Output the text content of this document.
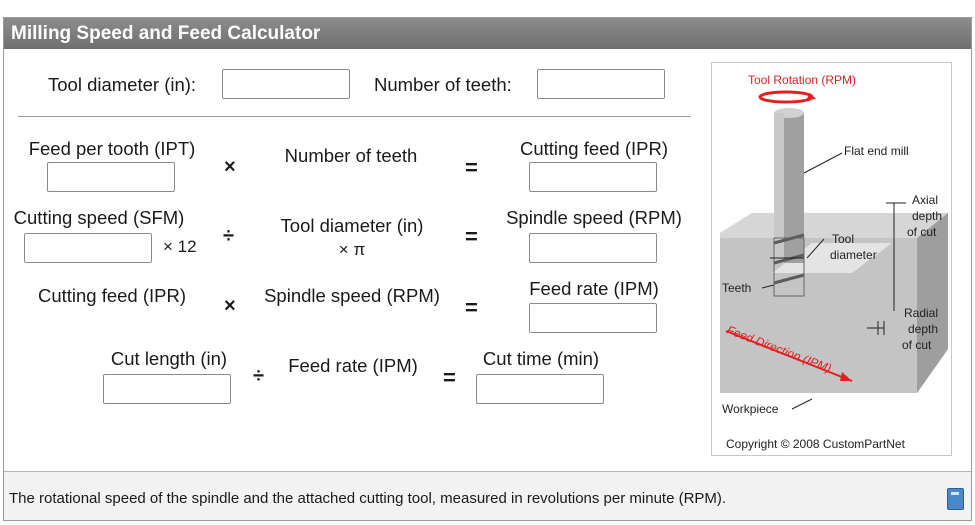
Milling Speed and Feed Calculator
Tool diameter (in):	Number of teeth:
Feed per tooth (IPT)
×
Number of teeth =
Cutting feed (IPR)
Cutting speed (SFM)
× 12 ÷	Tool diameter (in)
× π
=
Spindle speed (RPM)
Cutting feed (IPR) × Spindle speed (RPM) =
Feed rate (IPM)
Cut length (in)
÷ Feed rate (IPM) =
Cut time (min)
Tool Rotation (RPM)
Flat end mill
Axial
depth
of cut
Tool
diameter
Teeth
Radial
depth
of cut
Feed Direction (IPM)
Workpiece
Copyright © 2008 CustomPartNet
The rotational speed of the spindle and the attached cutting tool, measured in revolutions per minute (RPM).
